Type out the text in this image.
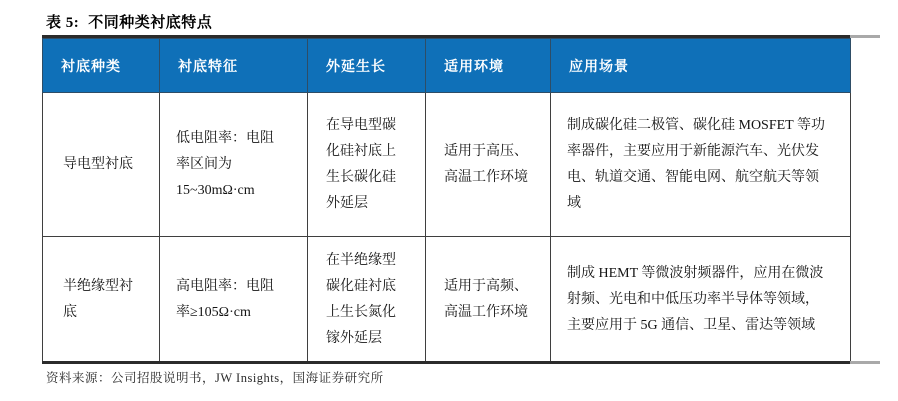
表 5: 不同种类衬底特点
衬底种类	衬底特征	外延生长	适用环境	应用场景
导电型衬底	低电阻率：电阻率区间为 15~30mΩ·cm	在导电型碳化硅衬底上生长碳化硅外延层	适用于高压、高温工作环境	制成碳化硅二极管、碳化硅 MOSFET 等功率器件，主要应用于新能源汽车、光伏发电、轨道交通、智能电网、航空航天等领域
半绝缘型衬底	高电阻率：电阻率≥105Ω·cm	在半绝缘型碳化硅衬底上生长氮化镓外延层	适用于高频、高温工作环境	制成 HEMT 等微波射频器件，应用在微波射频、光电和中低压功率半导体等领域，主要应用于 5G 通信、卫星、雷达等领域
资料来源：公司招股说明书，JW Insights，国海证券研究所
